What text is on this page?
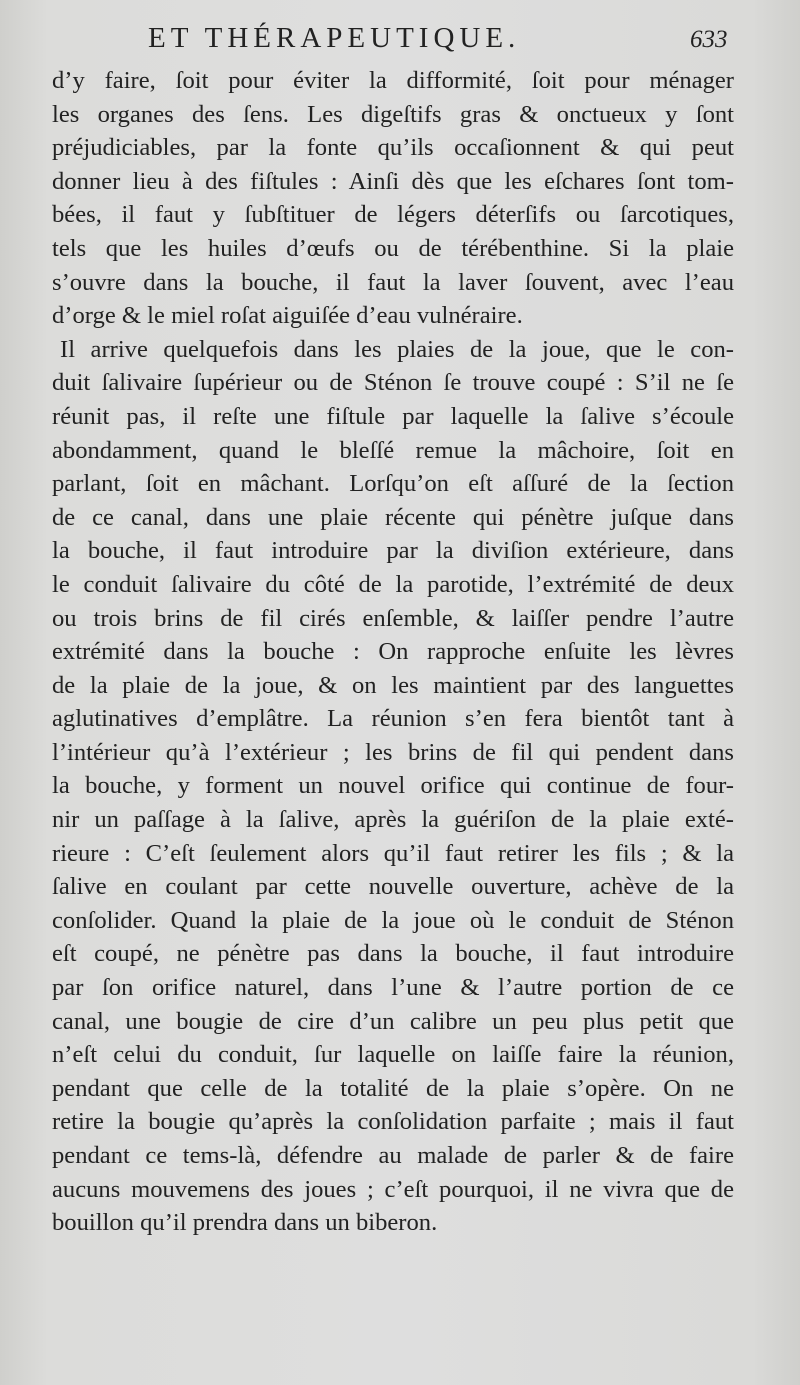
ET THÉRAPEUTIQUE.	633
d’y faire, ſoit pour éviter la difformité, ſoit pour ménager
les organes des ſens. Les digeſtifs gras & onctueux y ſont
préjudiciables, par la fonte qu’ils occaſionnent & qui peut
donner lieu à des fiſtules : Ainſi dès que les eſchares ſont tom-
bées, il faut y ſubſtituer de légers déterſifs ou ſarcotiques,
tels que les huiles d’œufs ou de térébenthine. Si la plaie
s’ouvre dans la bouche, il faut la laver ſouvent, avec l’eau
d’orge & le miel roſat aiguiſée d’eau vulnéraire.
Il arrive quelquefois dans les plaies de la joue, que le con-
duit ſalivaire ſupérieur ou de Sténon ſe trouve coupé : S’il ne ſe
réunit pas, il reſte une fiſtule par laquelle la ſalive s’écoule
abondamment, quand le bleſſé remue la mâchoire, ſoit en
parlant, ſoit en mâchant. Lorſqu’on eſt aſſuré de la ſection
de ce canal, dans une plaie récente qui pénètre juſque dans
la bouche, il faut introduire par la diviſion extérieure, dans
le conduit ſalivaire du côté de la parotide, l’extrémité de deux
ou trois brins de fil cirés enſemble, & laiſſer pendre l’autre
extrémité dans la bouche : On rapproche enſuite les lèvres
de la plaie de la joue, & on les maintient par des languettes
aglutinatives d’emplâtre. La réunion s’en fera bientôt tant à
l’intérieur qu’à l’extérieur ; les brins de fil qui pendent dans
la bouche, y forment un nouvel orifice qui continue de four-
nir un paſſage à la ſalive, après la guériſon de la plaie exté-
rieure : C’eſt ſeulement alors qu’il faut retirer les fils ; & la
ſalive en coulant par cette nouvelle ouverture, achève de la
conſolider. Quand la plaie de la joue où le conduit de Sténon
eſt coupé, ne pénètre pas dans la bouche, il faut introduire
par ſon orifice naturel, dans l’une & l’autre portion de ce
canal, une bougie de cire d’un calibre un peu plus petit que
n’eſt celui du conduit, ſur laquelle on laiſſe faire la réunion,
pendant que celle de la totalité de la plaie s’opère. On ne
retire la bougie qu’après la conſolidation parfaite ; mais il faut
pendant ce tems-là, défendre au malade de parler & de faire
aucuns mouvemens des joues ; c’eſt pourquoi, il ne vivra que de
bouillon qu’il prendra dans un biberon.
